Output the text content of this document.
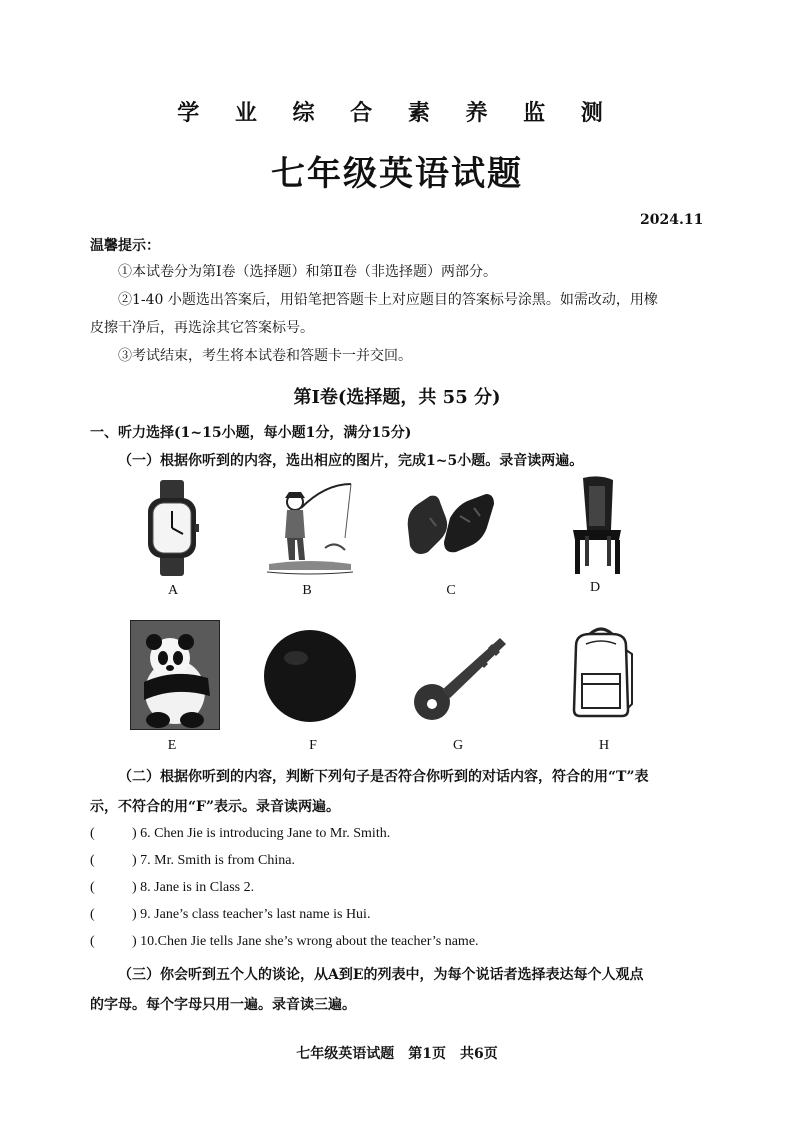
学 业 综 合 素 养 监 测
七年级英语试题
2024.11
温馨提示：
①本试卷分为第Ⅰ卷（选择题）和第Ⅱ卷（非选择题）两部分。
②1-40 小题选出答案后，用铅笔把答题卡上对应题目的答案标号涂黑。如需改动，用橡
皮擦干净后，再选涂其它答案标号。
③考试结束，考生将本试卷和答题卡一并交回。
第Ⅰ卷(选择题，共 55 分)
一、听力选择(1~15小题，每小题1分，满分15分)
（一）根据你听到的内容，选出相应的图片，完成1~5小题。录音读两遍。
A	B	C	D
E	F	G	H
（二）根据你听到的内容，判断下列句子是否符合你听到的对话内容，符合的用“T”表
示，不符合的用“F”表示。录音读两遍。
(	) 6. Chen Jie is introducing Jane to Mr. Smith.
(	) 7. Mr. Smith is from China.
(	) 8. Jane is in Class 2.
(	) 9. Jane’s class teacher’s last name is Hui.
(	) 10.Chen Jie tells Jane she’s wrong about the teacher’s name.
（三）你会听到五个人的谈论，从A到E的列表中，为每个说话者选择表达每个人观点
的字母。每个字母只用一遍。录音读三遍。
七年级英语试题　第1页　共6页
